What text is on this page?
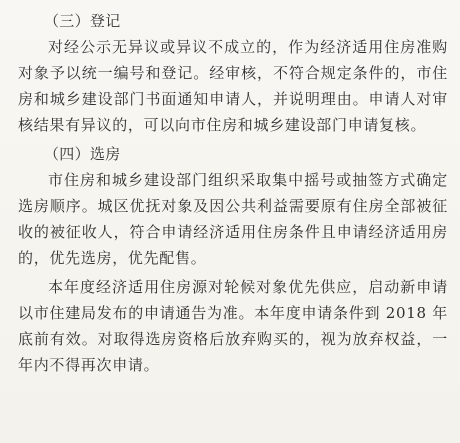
（三）登记

对经公示无异议或异议不成立的，作为经济适用住房准购对象予以统一编号和登记。经审核，不符合规定条件的，市住房和城乡建设部门书面通知申请人，并说明理由。申请人对审核结果有异议的，可以向市住房和城乡建设部门申请复核。

（四）选房

市住房和城乡建设部门组织采取集中摇号或抽签方式确定选房顺序。城区优抚对象及因公共利益需要原有住房全部被征收的被征收人，符合申请经济适用住房条件且申请经济适用房的，优先选房，优先配售。

本年度经济适用住房源对轮候对象优先供应，启动新申请以市住建局发布的申请通告为准。本年度申请条件到 2018 年底前有效。对取得选房资格后放弃购买的，视为放弃权益，一年内不得再次申请。
